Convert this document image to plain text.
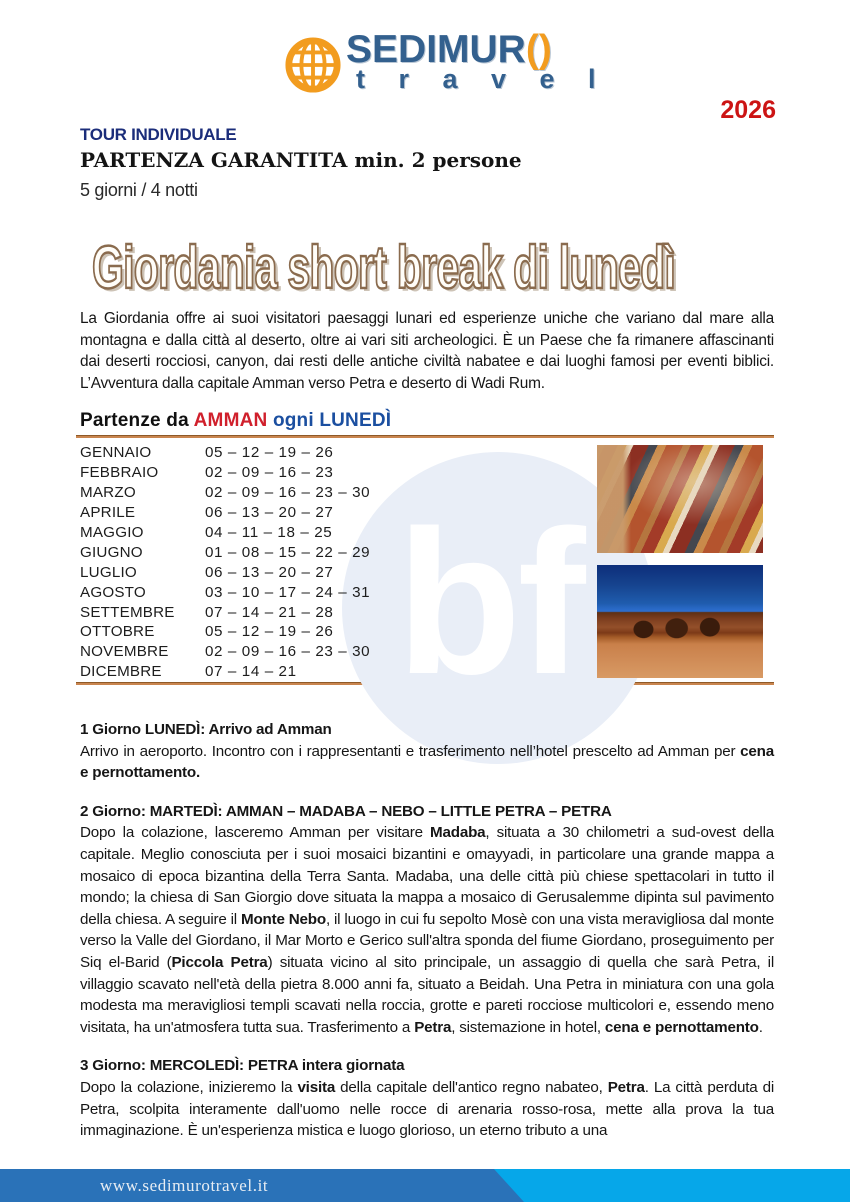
SEDIMUR()
t r a v e l
2026
TOUR INDIVIDUALE
PARTENZA GARANTITA min. 2 persone
5 giorni / 4 notti
Giordania short break di lunedì
La Giordania offre ai suoi visitatori paesaggi lunari ed esperienze uniche che variano dal mare alla montagna e dalla città al deserto, oltre ai vari siti archeologici. È un Paese che fa rimanere affascinanti dai deserti rocciosi, canyon, dai resti delle antiche civiltà nabatee e dai luoghi famosi per eventi biblici. L’Avventura dalla capitale Amman verso Petra e deserto di Wadi Rum.
Partenze da AMMAN ogni LUNEDÌ
bf
GENNAIO	05 – 12 – 19 – 26
FEBBRAIO	02 – 09 – 16 – 23
MARZO	02 – 09 – 16 – 23 – 30
APRILE	06 – 13 – 20 – 27
MAGGIO	04 – 11 – 18 – 25
GIUGNO	01 – 08 – 15 – 22 – 29
LUGLIO	06 – 13 – 20 – 27
AGOSTO	03 – 10 – 17 – 24 – 31
SETTEMBRE	07 – 14 – 21 – 28
OTTOBRE	05 – 12 – 19 – 26
NOVEMBRE	02 – 09 – 16 – 23 – 30
DICEMBRE	07 – 14 – 21
1 Giorno LUNEDÌ: Arrivo ad Amman
Arrivo in aeroporto. Incontro con i rappresentanti e trasferimento nell’hotel prescelto ad Amman per cena e pernottamento.
2 Giorno: MARTEDÌ: AMMAN – MADABA – NEBO – LITTLE PETRA – PETRA
Dopo la colazione, lasceremo Amman per visitare Madaba, situata a 30 chilometri a sud-ovest della capitale. Meglio conosciuta per i suoi mosaici bizantini e omayyadi, in particolare una grande mappa a mosaico di epoca bizantina della Terra Santa. Madaba, una delle città più chiese spettacolari in tutto il mondo; la chiesa di San Giorgio dove situata la mappa a mosaico di Gerusalemme dipinta sul pavimento della chiesa. A seguire il Monte Nebo, il luogo in cui fu sepolto Mosè con una vista meravigliosa dal monte verso la Valle del Giordano, il Mar Morto e Gerico sull'altra sponda del fiume Giordano, proseguimento per Siq el-Barid (Piccola Petra) situata vicino al sito principale, un assaggio di quella che sarà Petra, il villaggio scavato nell'età della pietra 8.000 anni fa, situato a Beidah. Una Petra in miniatura con una gola modesta ma meravigliosi templi scavati nella roccia, grotte e pareti rocciose multicolori e, essendo meno visitata, ha un'atmosfera tutta sua. Trasferimento a Petra, sistemazione in hotel, cena e pernottamento.
3 Giorno: MERCOLEDÌ: PETRA intera giornata
Dopo la colazione, inizieremo la visita della capitale dell'antico regno nabateo, Petra. La città perduta di Petra, scolpita interamente dall'uomo nelle rocce di arenaria rosso-rosa, mette alla prova la tua immaginazione. È un'esperienza mistica e luogo glorioso, un eterno tributo a una
www.sedimurotravel.it
